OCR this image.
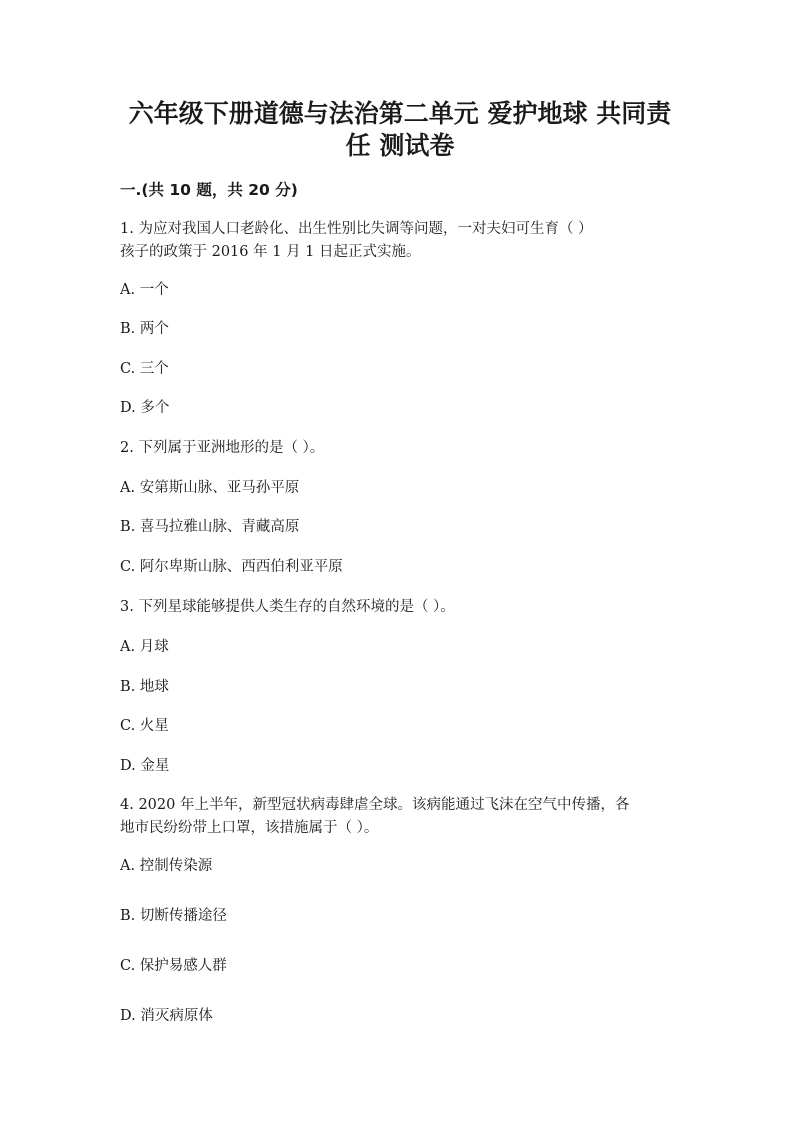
六年级下册道德与法治第二单元 爱护地球 共同责
任 测试卷
一.(共 10 题，共 20 分)
1. 为应对我国人口老龄化、出生性别比失调等问题，一对夫妇可生育（ ）
孩子的政策于 2016 年 1 月 1 日起正式实施。
A. 一个
B. 两个
C. 三个
D. 多个
2. 下列属于亚洲地形的是（ ）。
A. 安第斯山脉、亚马孙平原
B. 喜马拉雅山脉、青藏高原
C. 阿尔卑斯山脉、西西伯利亚平原
3. 下列星球能够提供人类生存的自然环境的是（ ）。
A. 月球
B. 地球
C. 火星
D. 金星
4. 2020 年上半年，新型冠状病毒肆虐全球。该病能通过飞沫在空气中传播，各
地市民纷纷带上口罩，该措施属于（ ）。
A. 控制传染源
B. 切断传播途径
C. 保护易感人群
D. 消灭病原体
